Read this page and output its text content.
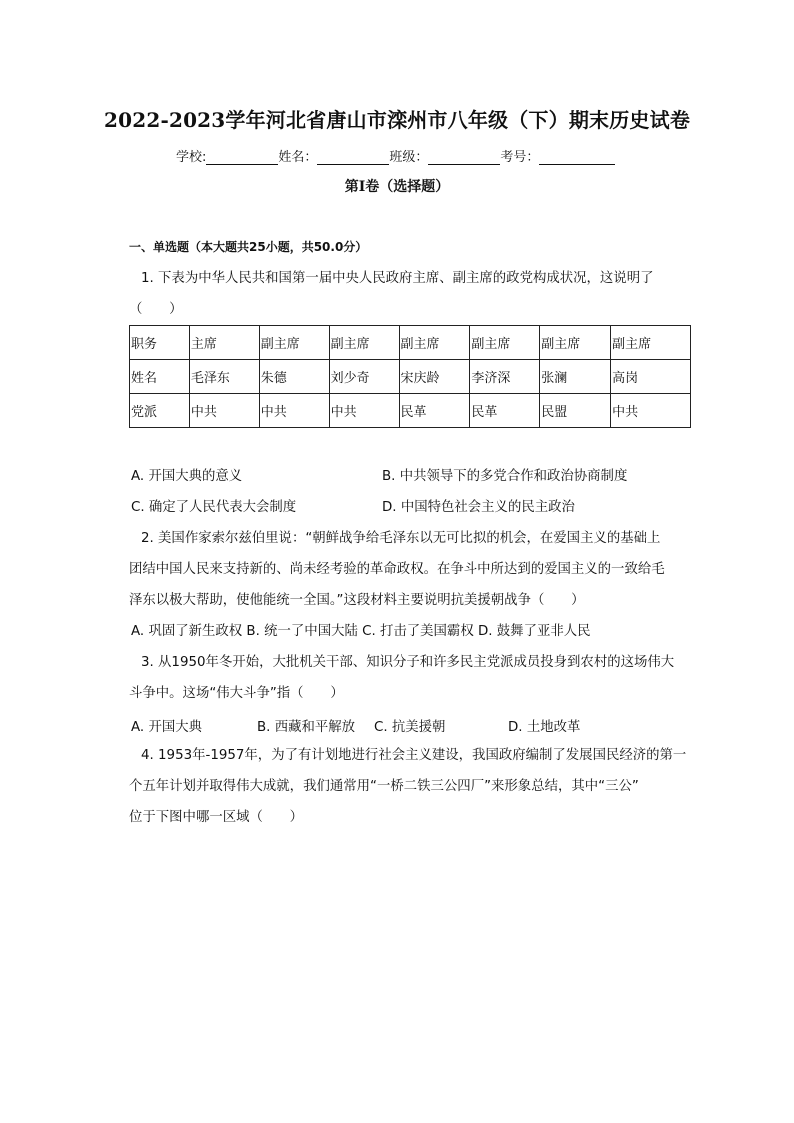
2022-2023学年河北省唐山市滦州市八年级（下）期末历史试卷
学校:	姓名：	班级：	考号：
第I卷（选择题）
一、单选题（本大题共25小题，共50.0分）

1. 下表为中华人民共和国第一届中央人民政府主席、副主席的政党构成状况，这说明了

（　　）

职务	主席	副主席	副主席	副主席	副主席	副主席	副主席
姓名	毛泽东	朱德	刘少奇	宋庆龄	李济深	张澜	高岗
党派	中共	中共	中共	民革	民革	民盟	中共
A. 开国大典的意义	B. 中共领导下的多党合作和政治协商制度
C. 确定了人民代表大会制度	D. 中国特色社会主义的民主政治

2. 美国作家索尔兹伯里说：“朝鲜战争给毛泽东以无可比拟的机会，在爱国主义的基础上

团结中国人民来支持新的、尚未经考验的革命政权。在争斗中所达到的爱国主义的一致给毛

泽东以极大帮助，使他能统一全国。”这段材料主要说明抗美援朝战争（　　）

A. 巩固了新生政权 B. 统一了中国大陆 C. 打击了美国霸权 D. 鼓舞了亚非人民

3. 从1950年冬开始，大批机关干部、知识分子和许多民主党派成员投身到农村的这场伟大

斗争中。这场“伟大斗争”指（　　）

A. 开国大典	B. 西藏和平解放 C. 抗美援朝	D. 土地改革

4. 1953年-1957年，为了有计划地进行社会主义建设，我国政府编制了发展国民经济的第一

个五年计划并取得伟大成就，我们通常用“一桥二铁三公四厂”来形象总结，其中“三公”

位于下图中哪一区域（　　）
